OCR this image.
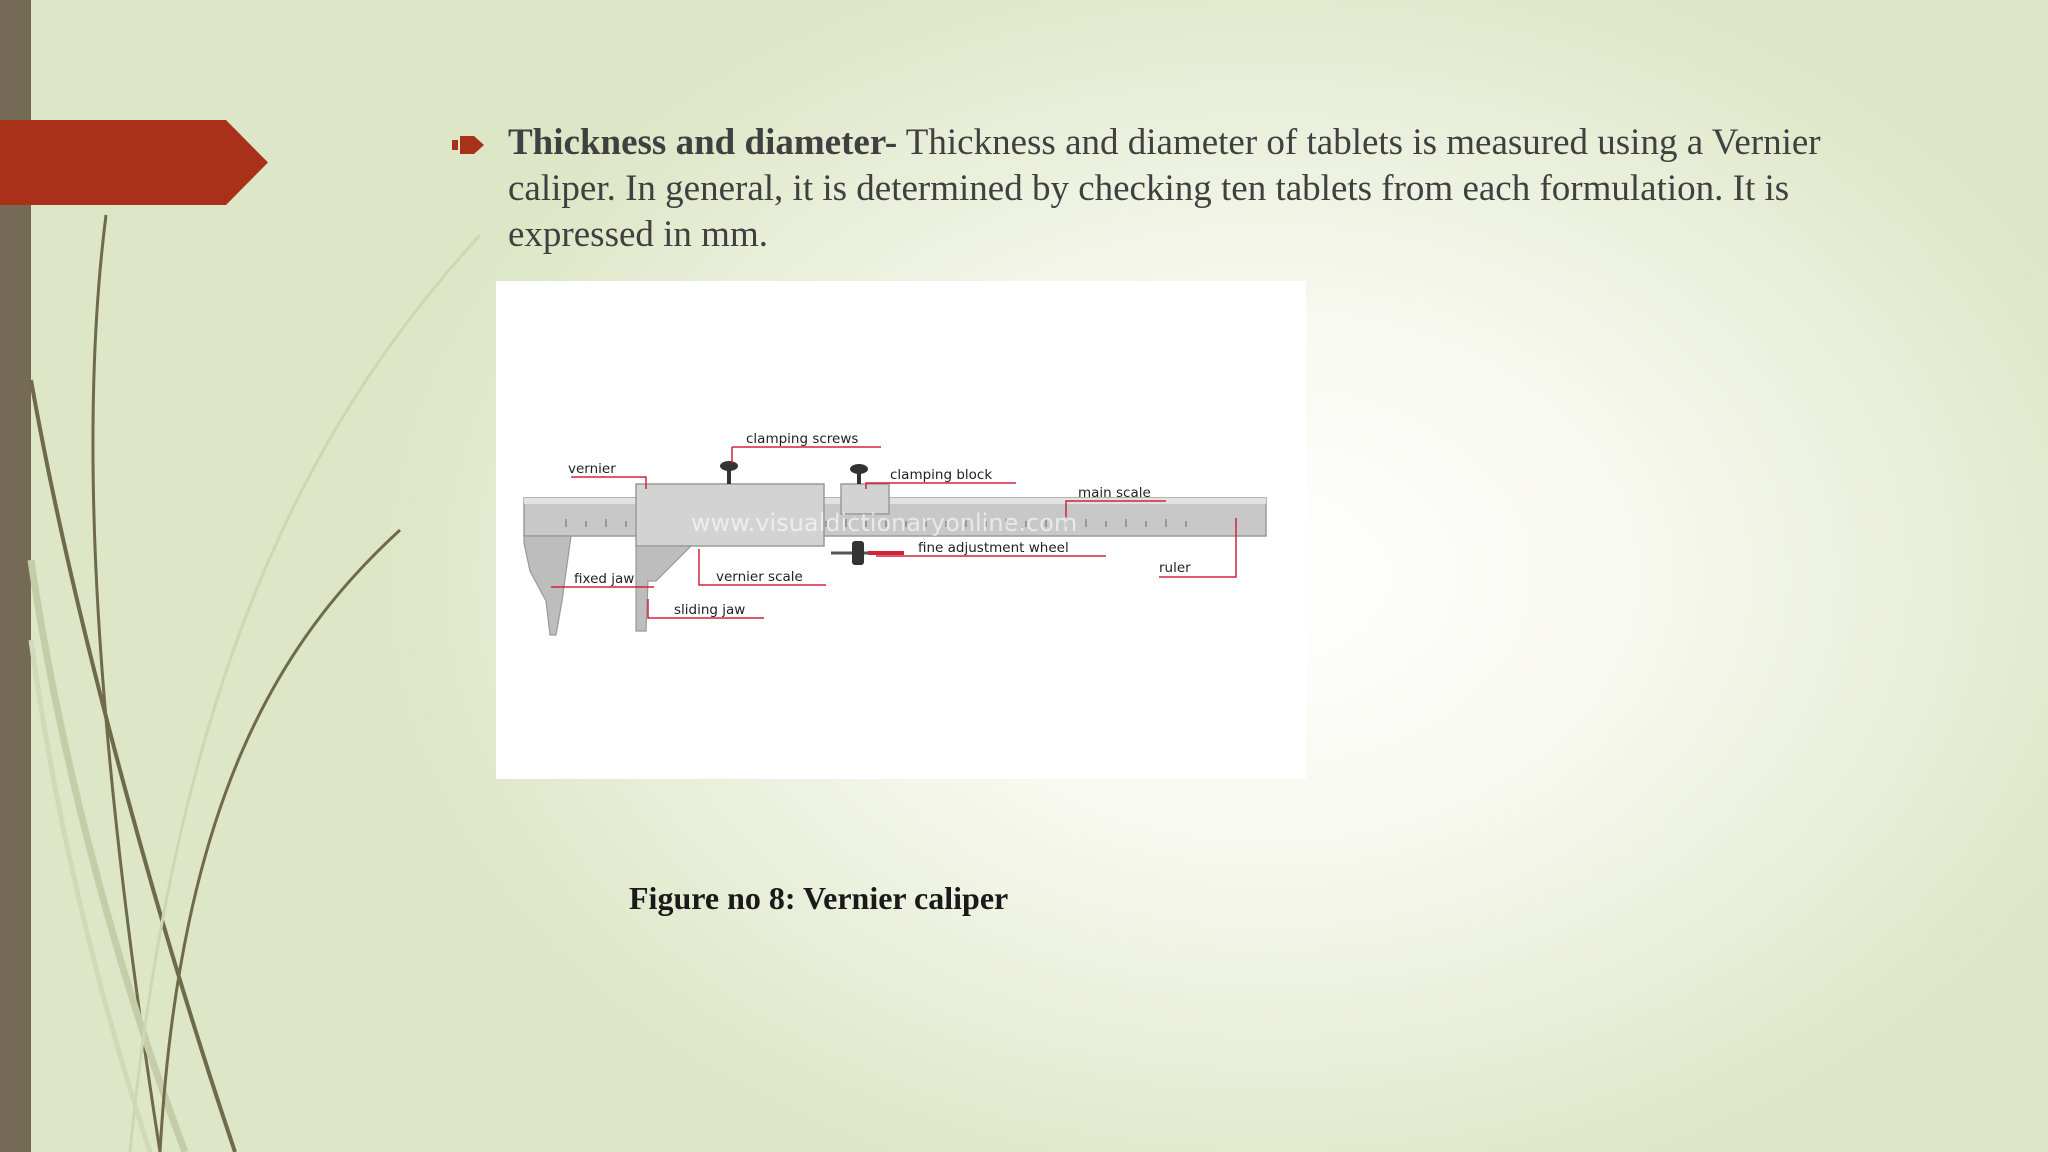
Thickness and diameter- Thickness and diameter of tablets is measured using a Vernier caliper. In general, it is determined by checking ten tablets from each formulation. It is expressed in mm.

www.visualdictionaryonline.com
clamping screws
vernier	clamping block
main scale
fine adjustment wheel
ruler
fixed jaw	vernier scale
sliding jaw
Figure no 8: Vernier caliper
